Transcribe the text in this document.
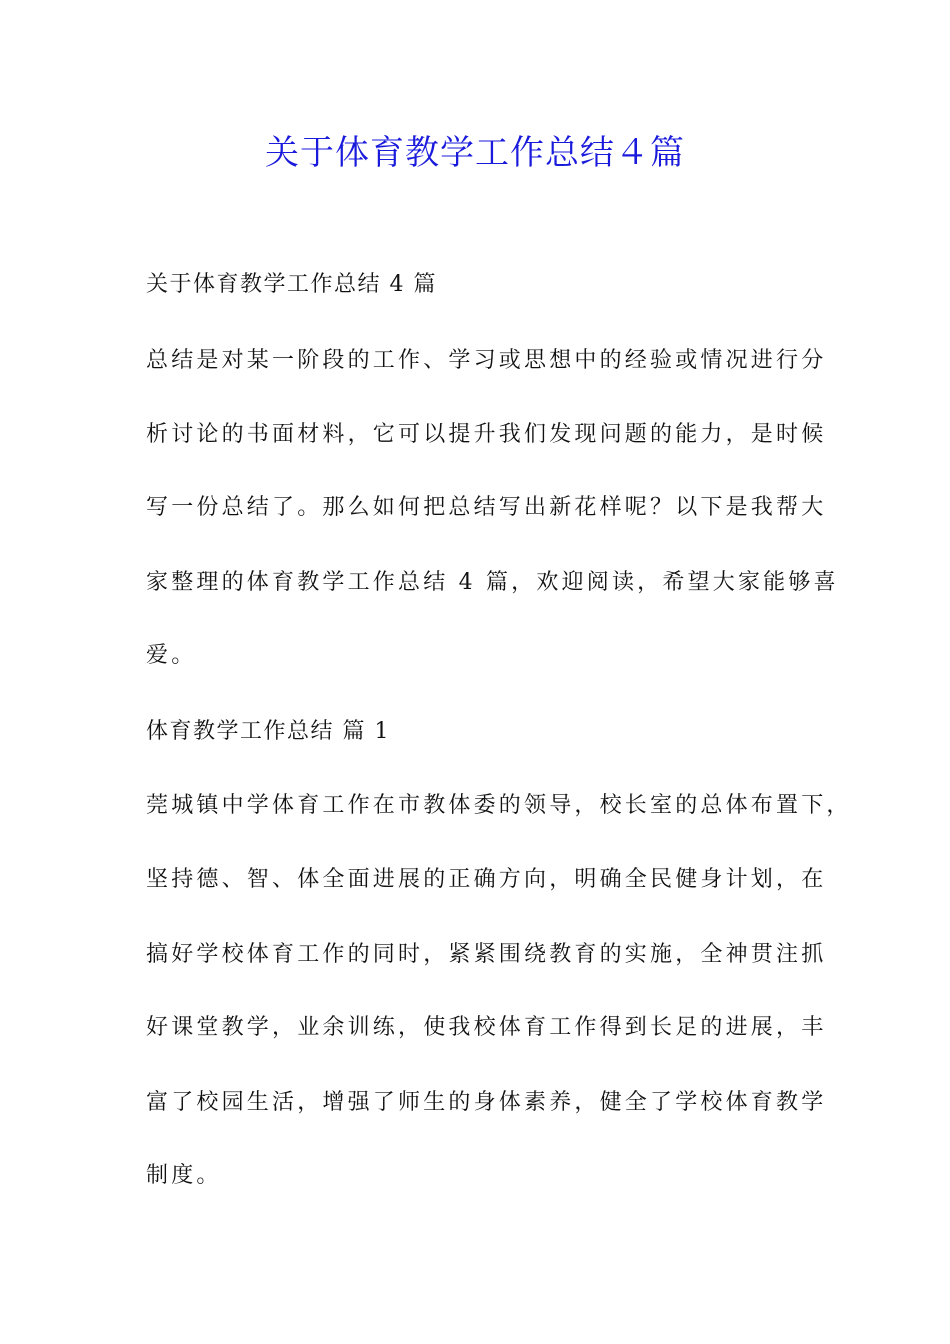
关于体育教学工作总结４篇

关于体育教学工作总结 4 篇

总结是对某一阶段的工作、学习或思想中的经验或情况进行分

析讨论的书面材料，它可以提升我们发现问题的能力，是时候

写一份总结了。那么如何把总结写出新花样呢？以下是我帮大

家整理的体育教学工作总结 4 篇，欢迎阅读，希望大家能够喜

爱。

体育教学工作总结 篇 1

莞城镇中学体育工作在市教体委的领导，校长室的总体布置下，

坚持德、智、体全面进展的正确方向，明确全民健身计划，在

搞好学校体育工作的同时，紧紧围绕教育的实施，全神贯注抓

好课堂教学，业余训练，使我校体育工作得到长足的进展，丰

富了校园生活，增强了师生的身体素养，健全了学校体育教学

制度。
